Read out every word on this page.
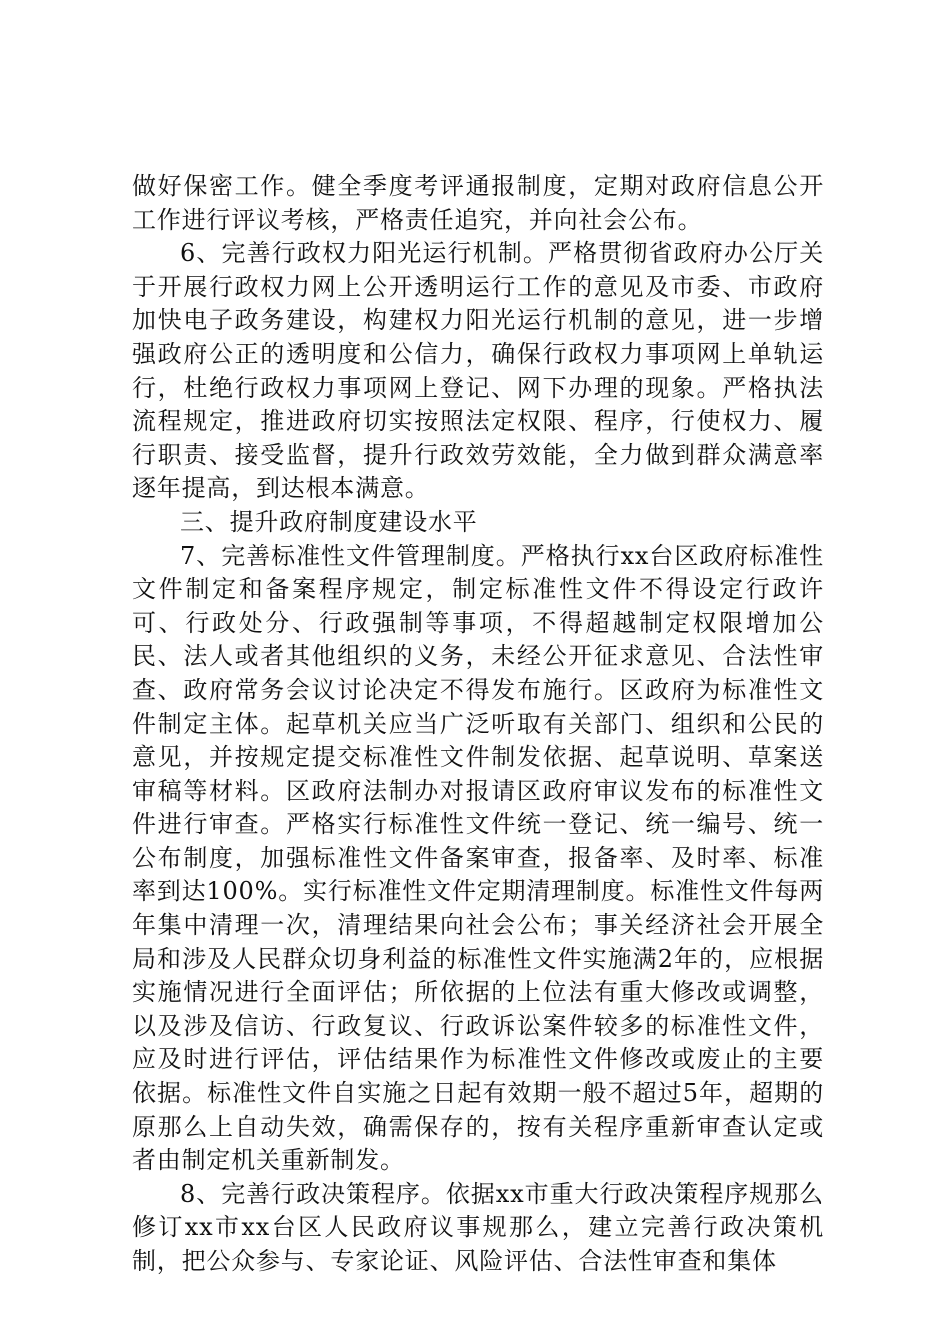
做好保密工作。健全季度考评通报制度，定期对政府信息公开工作进行评议考核，严格责任追究，并向社会公布。

6、完善行政权力阳光运行机制。严格贯彻省政府办公厅关于开展行政权力网上公开透明运行工作的意见及市委、市政府加快电子政务建设，构建权力阳光运行机制的意见，进一步增强政府公正的透明度和公信力，确保行政权力事项网上单轨运行，杜绝行政权力事项网上登记、网下办理的现象。严格执法流程规定，推进政府切实按照法定权限、程序，行使权力、履行职责、接受监督，提升行政效劳效能，全力做到群众满意率逐年提高，到达根本满意。

三、提升政府制度建设水平

7、完善标准性文件管理制度。严格执行xx台区政府标准性文件制定和备案程序规定，制定标准性文件不得设定行政许可、行政处分、行政强制等事项，不得超越制定权限增加公民、法人或者其他组织的义务，未经公开征求意见、合法性审查、政府常务会议讨论决定不得发布施行。区政府为标准性文件制定主体。起草机关应当广泛听取有关部门、组织和公民的意见，并按规定提交标准性文件制发依据、起草说明、草案送审稿等材料。区政府法制办对报请区政府审议发布的标准性文件进行审查。严格实行标准性文件统一登记、统一编号、统一公布制度，加强标准性文件备案审查，报备率、及时率、标准率到达100%。实行标准性文件定期清理制度。标准性文件每两年集中清理一次，清理结果向社会公布；事关经济社会开展全局和涉及人民群众切身利益的标准性文件实施满2年的，应根据实施情况进行全面评估；所依据的上位法有重大修改或调整，以及涉及信访、行政复议、行政诉讼案件较多的标准性文件，应及时进行评估，评估结果作为标准性文件修改或废止的主要依据。标准性文件自实施之日起有效期一般不超过5年，超期的原那么上自动失效，确需保存的，按有关程序重新审查认定或者由制定机关重新制发。

8、完善行政决策程序。依据xx市重大行政决策程序规那么修订xx市xx台区人民政府议事规那么，建立完善行政决策机制，把公众参与、专家论证、风险评估、合法性审查和集体
